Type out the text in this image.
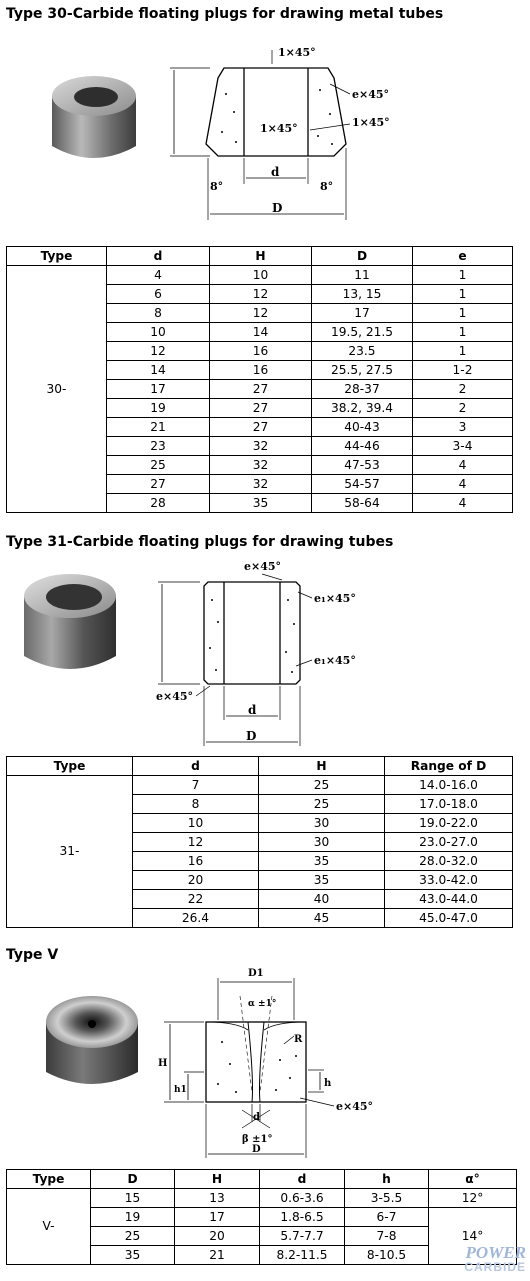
Type 30-Carbide floating plugs for drawing metal tubes
1×45°
e×45°
1×45°	1×45°
8°	8°
d
D
Type	d	H	D	e
30-	4	10	11	1
	6	12	13, 15	1
	8	12	17	1
	10	14	19.5, 21.5	1
	12	16	23.5	1
	14	16	25.5, 27.5	1-2
	17	27	28-37	2
	19	27	38.2, 39.4	2
	21	27	40-43	3
	23	32	44-46	3-4
	25	32	47-53	4
	27	32	54-57	4
	28	35	58-64	4
Type 31-Carbide floating plugs for drawing tubes
e×45°
e₁×45°
e₁×45°
e×45°
d
D
Type	d	H	Range of D
31-	7	25	14.0-16.0
	8	25	17.0-18.0
	10	30	19.0-22.0
	12	30	23.0-27.0
	16	35	28.0-32.0
	20	35	33.0-42.0
	22	40	43.0-44.0
	26.4	45	45.0-47.0
Type V
D1
α ±1°
R
H
h1
h
e×45°
d
β ±1°
D
Type	D	H	d	h	α°
V-	15	13	0.6-3.6	3-5.5	12°
	19	17	1.8-6.5	6-7	14°
	25	20	5.7-7.7	7-8	
	35	21	8.2-11.5	8-10.5		POWER
CARBIDE
